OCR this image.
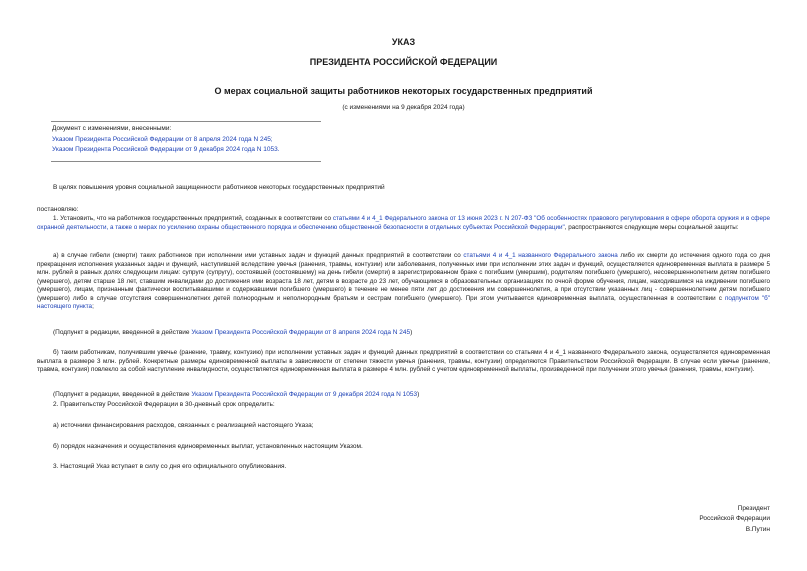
УКАЗ
ПРЕЗИДЕНТА РОССИЙСКОЙ ФЕДЕРАЦИИ
О мерах социальной защиты работников некоторых государственных предприятий
(с изменениями на 9 декабря 2024 года)
Документ с изменениями, внесенными:
Указом Президента Российской Федерации от 8 апреля 2024 года N 245;
Указом Президента Российской Федерации от 9 декабря 2024 года N 1053.
В целях повышения уровня социальной защищенности работников некоторых государственных предприятий
постановляю:
1. Установить, что на работников государственных предприятий, созданных в соответствии со статьями 4 и 4_1 Федерального закона от 13 июня 2023 г. N 207-ФЗ "Об особенностях правового регулирования в сфере оборота оружия и в сфере охранной деятельности, а также о мерах по усилению охраны общественного порядка и обеспечению общественной безопасности в отдельных субъектах Российской Федерации", распространяются следующие меры социальной защиты:
а) в случае гибели (смерти) таких работников при исполнении ими уставных задач и функций данных предприятий в соответствии со статьями 4 и 4_1 названного Федерального закона либо их смерти до истечения одного года со дня прекращения исполнения указанных задач и функций, наступившей вследствие увечья (ранения, травмы, контузии) или заболевания, полученных ими при исполнении этих задач и функций, осуществляется единовременная выплата в размере 5 млн. рублей в равных долях следующим лицам: супруге (супругу), состоявшей (состоявшему) на день гибели (смерти) в зарегистрированном браке с погибшим (умершим), родителям погибшего (умершего), несовершеннолетним детям погибшего (умершего), детям старше 18 лет, ставшим инвалидами до достижения ими возраста 18 лет, детям в возрасте до 23 лет, обучающимся в образовательных организациях по очной форме обучения, лицам, находившимся на иждивении погибшего (умершего), лицам, признанным фактически воспитывавшими и содержавшими погибшего (умершего) в течение не менее пяти лет до достижения им совершеннолетия, а при отсутствии указанных лиц - совершеннолетним детям погибшего (умершего) либо в случае отсутствия совершеннолетних детей полнородным и неполнородным братьям и сестрам погибшего (умершего). При этом учитывается единовременная выплата, осуществленная в соответствии с подпунктом "б" настоящего пункта;
(Подпункт в редакции, введенной в действие Указом Президента Российской Федерации от 8 апреля 2024 года N 245)
б) таким работникам, получившим увечье (ранение, травму, контузию) при исполнении уставных задач и функций данных предприятий в соответствии со статьями 4 и 4_1 названного Федерального закона, осуществляется единовременная выплата в размере 3 млн. рублей. Конкретные размеры единовременной выплаты в зависимости от степени тяжести увечья (ранения, травмы, контузии) определяются Правительством Российской Федерации. В случае если увечье (ранение, травма, контузия) повлекло за собой наступление инвалидности, осуществляется единовременная выплата в размере 4 млн. рублей с учетом единовременной выплаты, произведенной при получении этого увечья (ранения, травмы, контузии).
(Подпункт в редакции, введенной в действие Указом Президента Российской Федерации от 9 декабря 2024 года N 1053)
2. Правительству Российской Федерации в 30-дневный срок определить:
а) источники финансирования расходов, связанных с реализацией настоящего Указа;
б) порядок назначения и осуществления единовременных выплат, установленных настоящим Указом.
3. Настоящий Указ вступает в силу со дня его официального опубликования.
Президент
Российской Федерации
В.Путин
